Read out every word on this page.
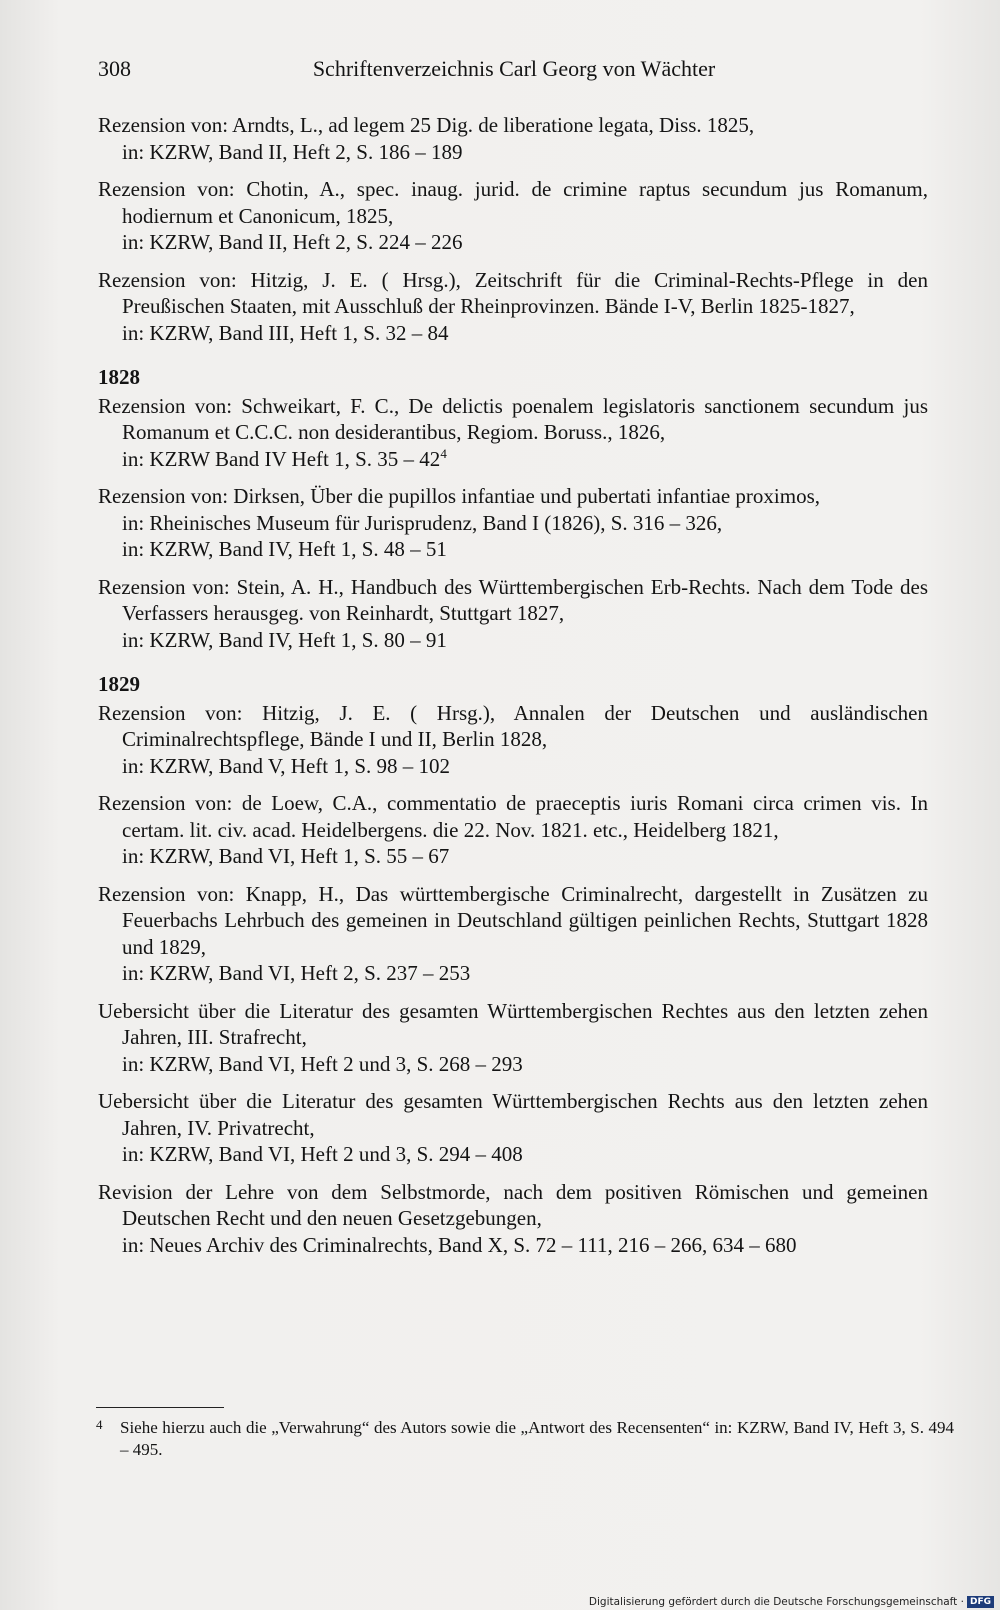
308	Schriftenverzeichnis Carl Georg von Wächter

Rezension von: Arndts, L., ad legem 25 Dig. de liberatione legata, Diss. 1825,
in: KZRW, Band II, Heft 2, S. 186 – 189

Rezension von: Chotin, A., spec. inaug. jurid. de crimine raptus secundum jus Romanum, hodiernum et Canonicum, 1825,
in: KZRW, Band II, Heft 2, S. 224 – 226

Rezension von: Hitzig, J. E. ( Hrsg.), Zeitschrift für die Criminal-Rechts-Pflege in den Preußischen Staaten, mit Ausschluß der Rheinprovinzen. Bände I-V, Berlin 1825-1827,
in: KZRW, Band III, Heft 1, S. 32 – 84

1828

Rezension von: Schweikart, F. C., De delictis poenalem legislatoris sanctionem secundum jus Romanum et C.C.C. non desiderantibus, Regiom. Boruss., 1826,
in: KZRW Band IV Heft 1, S. $35 - 42^4$

Rezension von: Dirksen, Über die pupillos infantiae und pubertati infantiae proximos,
in: Rheinisches Museum für Jurisprudenz, Band I (1826), S. 316 – 326,
in: KZRW, Band IV, Heft 1, S. 48 – 51

Rezension von: Stein, A. H., Handbuch des Württembergischen Erb-Rechts. Nach dem Tode des Verfassers herausgeg. von Reinhardt, Stuttgart 1827,
in: KZRW, Band IV, Heft 1, S. 80 – 91

1829

Rezension von: Hitzig, J. E. ( Hrsg.), Annalen der Deutschen und ausländischen Criminalrechtspflege, Bände I und II, Berlin 1828,
in: KZRW, Band V, Heft 1, S. 98 – 102

Rezension von: de Loew, C.A., commentatio de praeceptis iuris Romani circa crimen vis. In certam. lit. civ. acad. Heidelbergens. die 22. Nov. 1821. etc., Heidelberg 1821,
in: KZRW, Band VI, Heft 1, S. 55 – 67

Rezension von: Knapp, H., Das württembergische Criminalrecht, dargestellt in Zusätzen zu Feuerbachs Lehrbuch des gemeinen in Deutschland gültigen peinlichen Rechts, Stuttgart 1828 und 1829,
in: KZRW, Band VI, Heft 2, S. 237 – 253

Uebersicht über die Literatur des gesamten Württembergischen Rechtes aus den letzten zehen Jahren, III. Strafrecht,
in: KZRW, Band VI, Heft 2 und 3, S. 268 – 293

Uebersicht über die Literatur des gesamten Württembergischen Rechts aus den letzten zehen Jahren, IV. Privatrecht,
in: KZRW, Band VI, Heft 2 und 3, S. 294 – 408

Revision der Lehre von dem Selbstmorde, nach dem positiven Römischen und gemeinen Deutschen Recht und den neuen Gesetzgebungen,
in: Neues Archiv des Criminalrechts, Band X, S. 72 – 111, 216 – 266, 634 – 680

4 Siehe hierzu auch die „Verwahrung“ des Autors sowie die „Antwort des Recensenten“ in: KZRW, Band IV, Heft 3, S. 494 – 495.
Digitalisierung gefördert durch die Deutsche Forschungsgemeinschaft · DFG
